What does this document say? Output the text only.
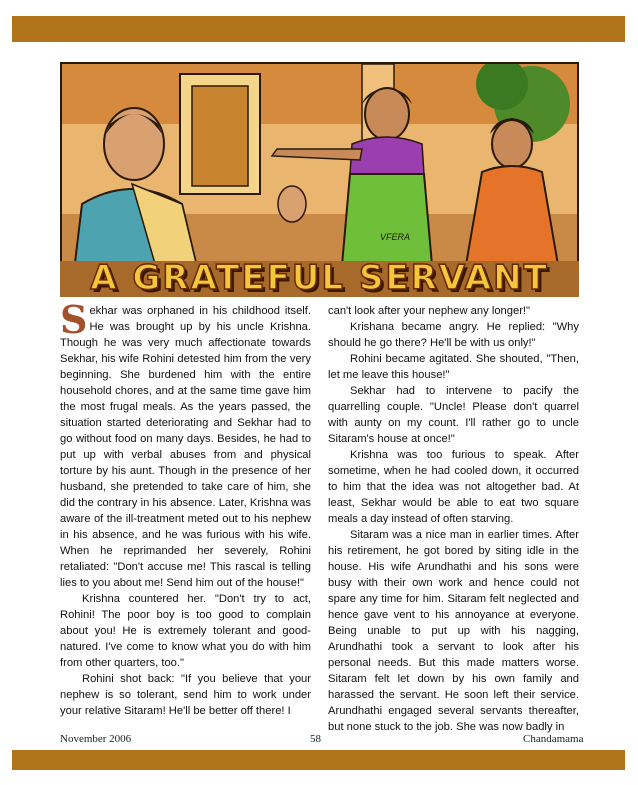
VFERA
A GRATEFUL SERVANT

Sekhar was orphaned in his childhood itself. He was brought up by his uncle Krishna. Though he was very much affectionate towards Sekhar, his wife Rohini detested him from the very beginning. She burdened him with the entire household chores, and at the same time gave him the most frugal meals. As the years passed, the situation started deteriorating and Sekhar had to go without food on many days. Besides, he had to put up with verbal abuses from and physical torture by his aunt. Though in the presence of her husband, she pretended to take care of him, she did the contrary in his absence. Later, Krishna was aware of the ill-treatment meted out to his nephew in his absence, and he was furious with his wife. When he reprimanded her severely, Rohini retaliated: "Don't accuse me! This rascal is telling lies to you about me! Send him out of the house!"

Krishna countered her. "Don't try to act, Rohini! The poor boy is too good to complain about you! He is extremely tolerant and good-natured. I've come to know what you do with him from other quarters, too."

Rohini shot back: "If you believe that your nephew is so tolerant, send him to work under your relative Sitaram! He'll be better off there! I

can't look after your nephew any longer!"

Krishana became angry. He replied: "Why should he go there? He'll be with us only!"

Rohini became agitated. She shouted, "Then, let me leave this house!"

Sekhar had to intervene to pacify the quarrelling couple. "Uncle! Please don't quarrel with aunty on my count. I'll rather go to uncle Sitaram's house at once!"

Krishna was too furious to speak. After sometime, when he had cooled down, it occurred to him that the idea was not altogether bad. At least, Sekhar would be able to eat two square meals a day instead of often starving.

Sitaram was a nice man in earlier times. After his retirement, he got bored by siting idle in the house. His wife Arundhathi and his sons were busy with their own work and hence could not spare any time for him. Sitaram felt neglected and hence gave vent to his annoyance at everyone. Being unable to put up with his nagging, Arundhathi took a servant to look after his personal needs. But this made matters worse. Sitaram felt let down by his own family and harassed the servant. He soon left their service. Arundhathi engaged several servants thereafter, but none stuck to the job. She was now badly in

November 2006	58	Chandamama
